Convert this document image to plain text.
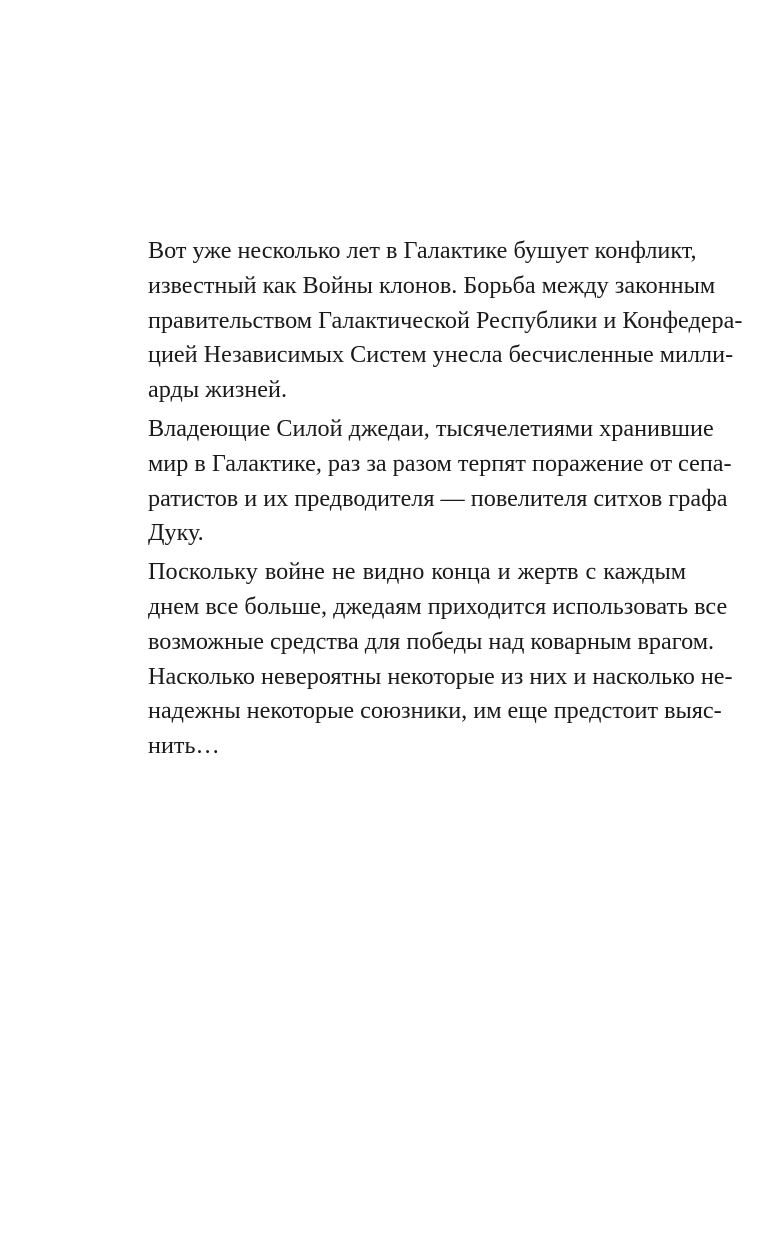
Вот уже несколько лет в Галактике бушует конфликт,
известный как Войны клонов. Борьба между законным
правительством Галактической Республики и Конфедера-
цией Независимых Систем унесла бесчисленные милли-
арды жизней.
Владеющие Силой джедаи, тысячелетиями хранившие
мир в Галактике, раз за разом терпят поражение от сепа-
ратистов и их предводителя — повелителя ситхов графа
Дуку.
Поскольку войне не видно конца и жертв с каждым
днем все больше, джедаям приходится использовать все
возможные средства для победы над коварным врагом.
Насколько невероятны некоторые из них и насколько не-
надежны некоторые союзники, им еще предстоит выяс-
нить…
